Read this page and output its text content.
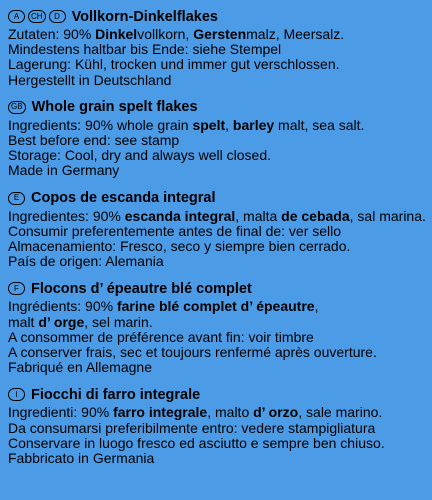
A	CH	D Vollkorn-Dinkelflakes
Zutaten: 90% Dinkelvollkorn, Gerstenmalz, Meersalz.
Mindestens haltbar bis Ende: siehe Stempel
Lagerung: Kühl, trocken und immer gut verschlossen.
Hergestellt in Deutschland
GB Whole grain spelt flakes
Ingredients: 90% whole grain spelt, barley malt, sea salt.
Best before end: see stamp
Storage: Cool, dry and always well closed.
Made in Germany
E Copos de escanda integral
Ingredientes: 90% escanda integral, malta de cebada, sal marina.
Consumir preferentemente antes de final de: ver sello
Almacenamiento: Fresco, seco y siempre bien cerrado.
País de origen: Alemania
F Flocons d’ épeautre blé complet
Ingrédients: 90% farine blé complet d’ épeautre,
malt d’ orge, sel marin.
A consommer de préférence avant fin: voir timbre
A conserver frais, sec et toujours renfermé après ouverture.
Fabriqué en Allemagne
I Fiocchi di farro integrale
Ingredienti: 90% farro integrale, malto d’ orzo, sale marino.
Da consumarsi preferibilmente entro: vedere stampigliatura
Conservare in luogo fresco ed asciutto e sempre ben chiuso.
Fabbricato in Germania
